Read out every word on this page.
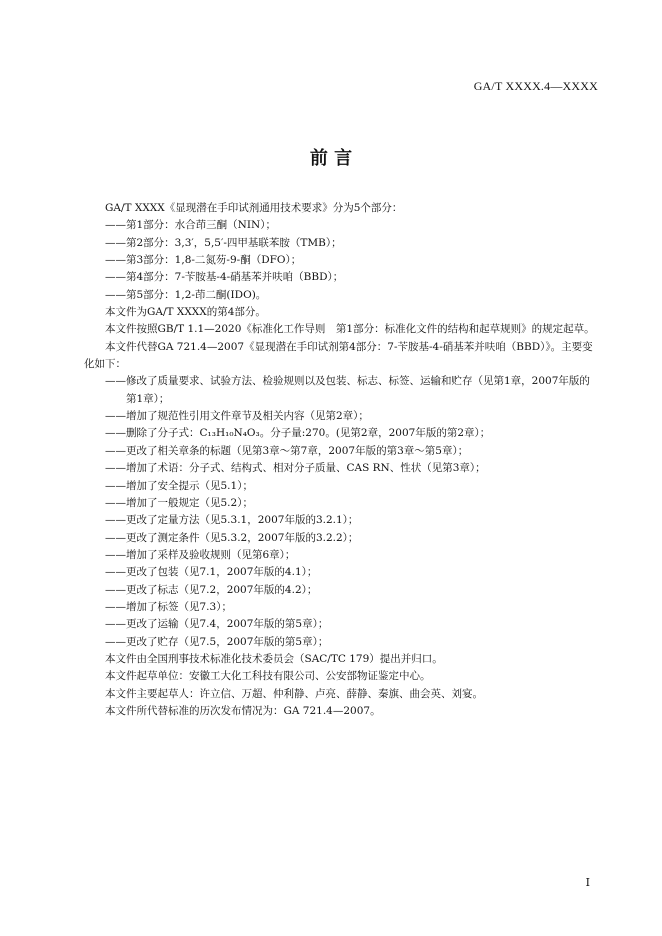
GA/T XXXX.4—XXXX
前 言

GA/T XXXX《显现潜在手印试剂通用技术要求》分为5个部分：

——第1部分：水合茚三酮（NIN）；

——第2部分：3,3′，5,5′-四甲基联苯胺（TMB）；

——第3部分：1,8-二氮芴-9-酮（DFO）；

——第4部分：7-苄胺基-4-硝基苯并呋咱（BBD）；

——第5部分：1,2-茚二酮(IDO)。

本文件为GA/T XXXX的第4部分。

本文件按照GB/T 1.1—2020《标准化工作导则　第1部分：标准化文件的结构和起草规则》的规定起草。

本文件代替GA 721.4—2007《显现潜在手印试剂第4部分：7-苄胺基-4-硝基苯并呋咱（BBD）》。主要变化如下：

——修改了质量要求、试验方法、检验规则以及包装、标志、标签、运输和贮存（见第1章，2007年版的第1章）；

——增加了规范性引用文件章节及相关内容（见第2章）；

——删除了分子式：C₁₃H₁₀N₄O₃。分子量:270。(见第2章，2007年版的第2章）；

——更改了相关章条的标题（见第3章～第7章，2007年版的第3章～第5章）；

——增加了术语：分子式、结构式、相对分子质量、CAS RN、性状（见第3章）；

——增加了安全提示（见5.1）；

——增加了一般规定（见5.2）；

——更改了定量方法（见5.3.1，2007年版的3.2.1）；

——更改了测定条件（见5.3.2，2007年版的3.2.2）；

——增加了采样及验收规则（见第6章）；

——更改了包装（见7.1，2007年版的4.1）；

——更改了标志（见7.2，2007年版的4.2）；

——增加了标签（见7.3）；

——更改了运输（见7.4，2007年版的第5章）；

——更改了贮存（见7.5，2007年版的第5章）；

本文件由全国刑事技术标准化技术委员会（SAC/TC 179）提出并归口。

本文件起草单位：安徽工大化工科技有限公司、公安部物证鉴定中心。

本文件主要起草人：许立信、万超、仲利静、卢亮、薛静、秦旗、曲会英、刘宴。

本文件所代替标准的历次发布情况为：GA 721.4—2007。

I
